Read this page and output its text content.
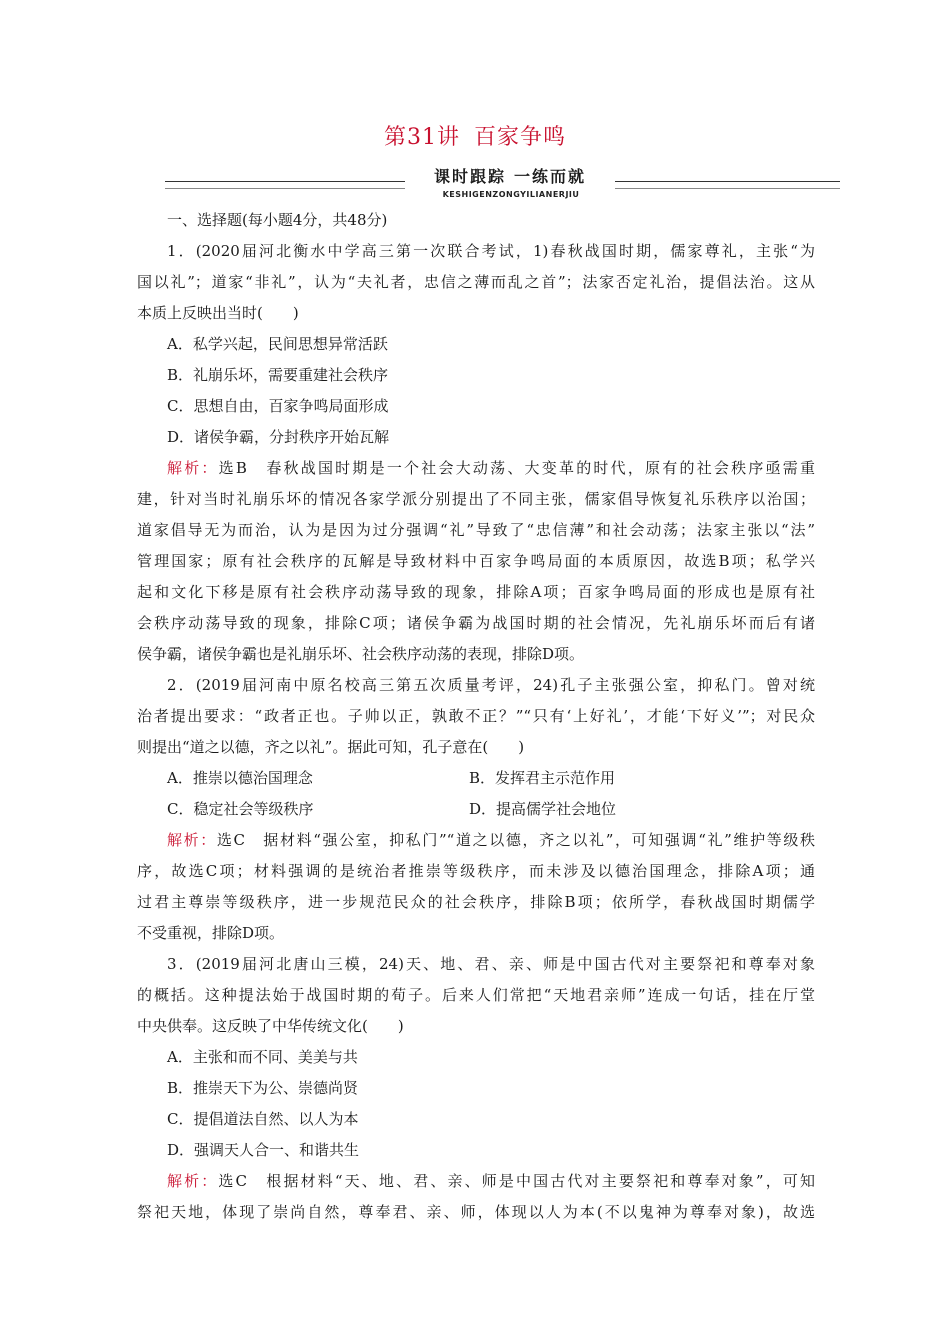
第31讲 百家争鸣
课时跟踪 一练而就
KESHIGENZONGYILIANERJIU
一、选择题(每小题4分，共48分)
1．(2020届河北衡水中学高三第一次联合考试，1)春秋战国时期，儒家尊礼，主张“为
国以礼”；道家“非礼”，认为“夫礼者，忠信之薄而乱之首”；法家否定礼治，提倡法治。这从
本质上反映出当时(　　)
A．私学兴起，民间思想异常活跃
B．礼崩乐坏，需要重建社会秩序
C．思想自由，百家争鸣局面形成
D．诸侯争霸，分封秩序开始瓦解
解析：选B　春秋战国时期是一个社会大动荡、大变革的时代，原有的社会秩序亟需重
建，针对当时礼崩乐坏的情况各家学派分别提出了不同主张，儒家倡导恢复礼乐秩序以治国；
道家倡导无为而治，认为是因为过分强调“礼”导致了“忠信薄”和社会动荡；法家主张以“法”
管理国家；原有社会秩序的瓦解是导致材料中百家争鸣局面的本质原因，故选B项；私学兴
起和文化下移是原有社会秩序动荡导致的现象，排除A项；百家争鸣局面的形成也是原有社
会秩序动荡导致的现象，排除C项；诸侯争霸为战国时期的社会情况，先礼崩乐坏而后有诸
侯争霸，诸侯争霸也是礼崩乐坏、社会秩序动荡的表现，排除D项。
2．(2019届河南中原名校高三第五次质量考评，24)孔子主张强公室，抑私门。曾对统
治者提出要求：“政者正也。子帅以正，孰敢不正？”“只有‘上好礼’，才能‘下好义’”；对民众
则提出“道之以德，齐之以礼”。据此可知，孔子意在(　　)
A．推崇以德治国理念	B．发挥君主示范作用
C．稳定社会等级秩序	D．提高儒学社会地位
解析：选C　据材料“强公室，抑私门”“道之以德，齐之以礼”，可知强调“礼”维护等级秩
序，故选C项；材料强调的是统治者推崇等级秩序，而未涉及以德治国理念，排除A项；通
过君主尊崇等级秩序，进一步规范民众的社会秩序，排除B项；依所学，春秋战国时期儒学
不受重视，排除D项。
3．(2019届河北唐山三模，24)天、地、君、亲、师是中国古代对主要祭祀和尊奉对象
的概括。这种提法始于战国时期的荀子。后来人们常把“天地君亲师”连成一句话，挂在厅堂
中央供奉。这反映了中华传统文化(　　)
A．主张和而不同、美美与共
B．推崇天下为公、崇德尚贤
C．提倡道法自然、以人为本
D．强调天人合一、和谐共生
解析：选C　根据材料“天、地、君、亲、师是中国古代对主要祭祀和尊奉对象”，可知
祭祀天地，体现了崇尚自然，尊奉君、亲、师，体现以人为本(不以鬼神为尊奉对象)，故选
